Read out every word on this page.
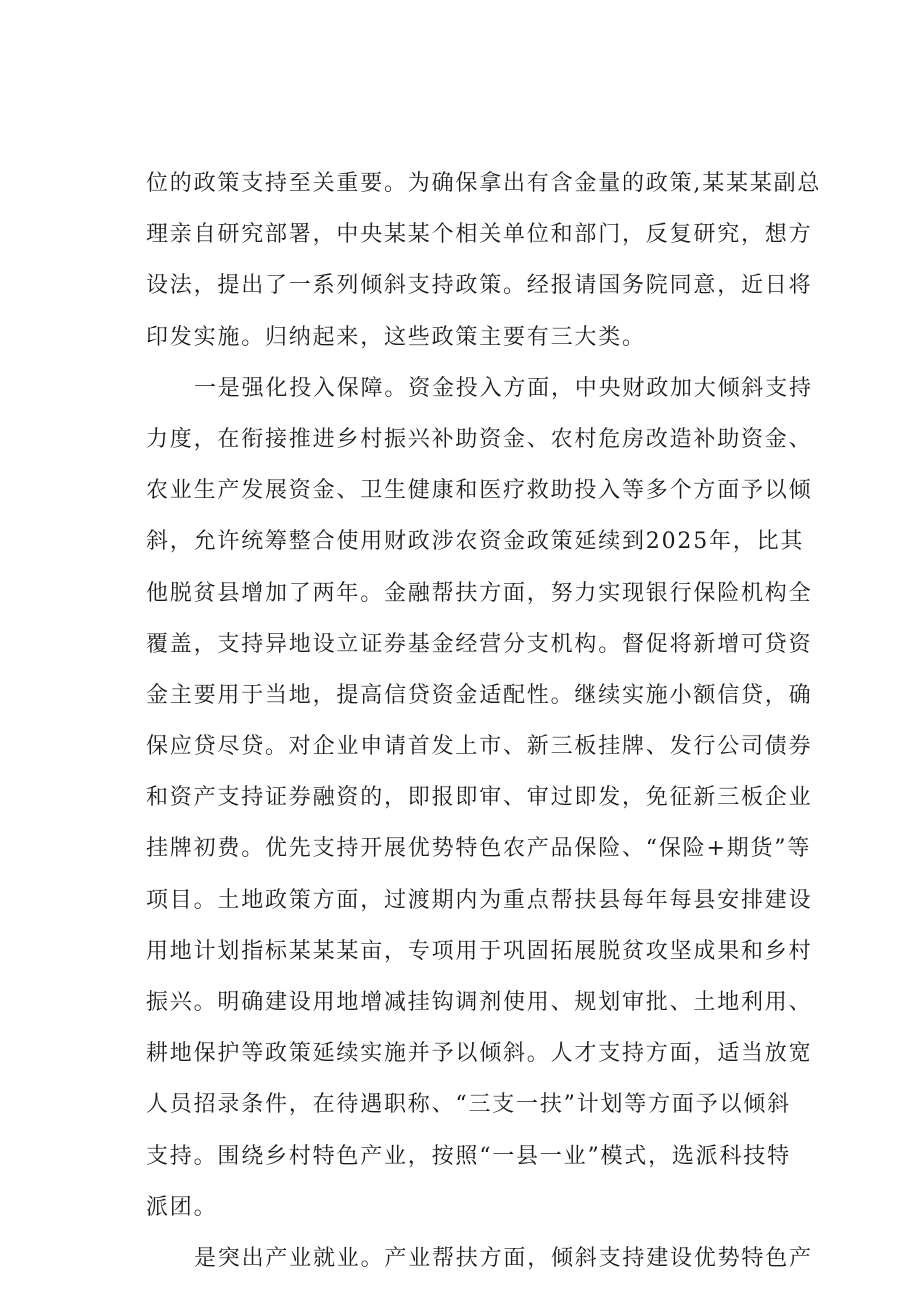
位的政策支持至关重要。为确保拿出有含金量的政策,某某某副总
理亲自研究部署，中央某某个相关单位和部门，反复研究，想方
设法，提出了一系列倾斜支持政策。经报请国务院同意，近日将
印发实施。归纳起来，这些政策主要有三大类。
一是强化投入保障。资金投入方面，中央财政加大倾斜支持
力度，在衔接推进乡村振兴补助资金、农村危房改造补助资金、
农业生产发展资金、卫生健康和医疗救助投入等多个方面予以倾
斜，允许统筹整合使用财政涉农资金政策延续到2025年，比其
他脱贫县增加了两年。金融帮扶方面，努力实现银行保险机构全
覆盖，支持异地设立证券基金经营分支机构。督促将新增可贷资
金主要用于当地，提高信贷资金适配性。继续实施小额信贷，确
保应贷尽贷。对企业申请首发上市、新三板挂牌、发行公司债券
和资产支持证券融资的，即报即审、审过即发，免征新三板企业
挂牌初费。优先支持开展优势特色农产品保险、“保险+期货”等
项目。土地政策方面，过渡期内为重点帮扶县每年每县安排建设
用地计划指标某某某亩，专项用于巩固拓展脱贫攻坚成果和乡村
振兴。明确建设用地增减挂钩调剂使用、规划审批、土地利用、
耕地保护等政策延续实施并予以倾斜。人才支持方面，适当放宽
人员招录条件，在待遇职称、“三支一扶”计划等方面予以倾斜
支持。围绕乡村特色产业，按照“一县一业”模式，选派科技特
派团。
是突出产业就业。产业帮扶方面，倾斜支持建设优势特色产
